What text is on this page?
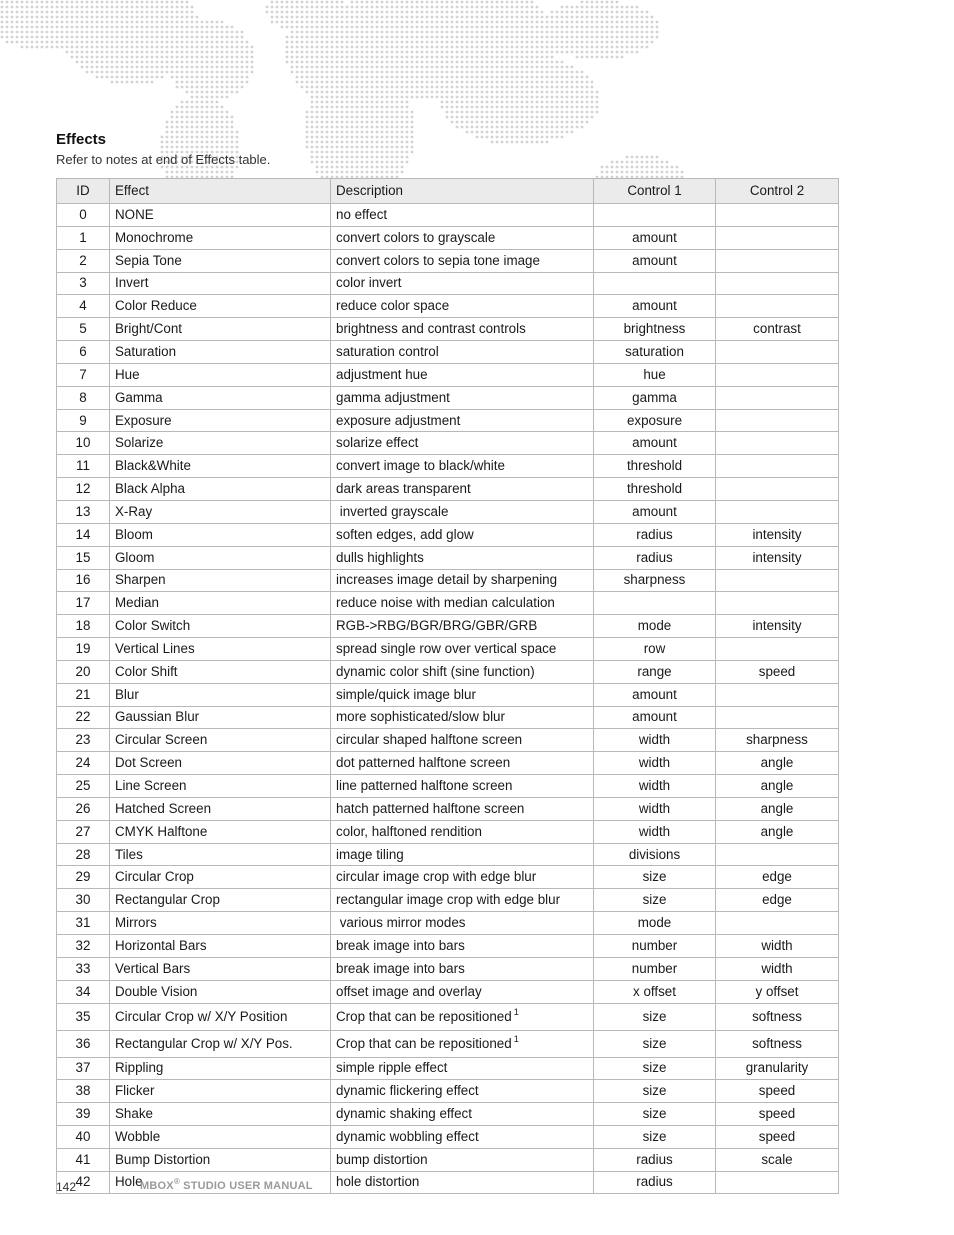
Effects
Refer to notes at end of Effects table.
ID	Effect	Description	Control 1	Control 2
0	NONE	no effect		
1	Monochrome	convert colors to grayscale	amount	
2	Sepia Tone	convert colors to sepia tone image	amount	
3	Invert	color invert		
4	Color Reduce	reduce color space	amount	
5	Bright/Cont	brightness and contrast controls	brightness	contrast
6	Saturation	saturation control	saturation	
7	Hue	adjustment hue	hue	
8	Gamma	gamma adjustment	gamma	
9	Exposure	exposure adjustment	exposure	
10	Solarize	solarize effect	amount	
11	Black&White	convert image to black/white	threshold	
12	Black Alpha	dark areas transparent	threshold	
13	X-Ray	inverted grayscale	amount	
14	Bloom	soften edges, add glow	radius	intensity
15	Gloom	dulls highlights	radius	intensity
16	Sharpen	increases image detail by sharpening	sharpness	
17	Median	reduce noise with median calculation		
18	Color Switch	RGB->RBG/BGR/BRG/GBR/GRB	mode	intensity
19	Vertical Lines	spread single row over vertical space	row	
20	Color Shift	dynamic color shift (sine function)	range	speed
21	Blur	simple/quick image blur	amount	
22	Gaussian Blur	more sophisticated/slow blur	amount	
23	Circular Screen	circular shaped halftone screen	width	sharpness
24	Dot Screen	dot patterned halftone screen	width	angle
25	Line Screen	line patterned halftone screen	width	angle
26	Hatched Screen	hatch patterned halftone screen	width	angle
27	CMYK Halftone	color, halftoned rendition	width	angle
28	Tiles	image tiling	divisions	
29	Circular Crop	circular image crop with edge blur	size	edge
30	Rectangular Crop	rectangular image crop with edge blur	size	edge
31	Mirrors	various mirror modes	mode	
32	Horizontal Bars	break image into bars	number	width
33	Vertical Bars	break image into bars	number	width
34	Double Vision	offset image and overlay	x offset	y offset
35	Circular Crop w/ X/Y Position	Crop that can be repositioned $^1$	size	softness
36	Rectangular Crop w/ X/Y Pos.	Crop that can be repositioned $^1$	size	softness
37	Rippling	simple ripple effect	size	granularity
38	Flicker	dynamic flickering effect	size	speed
39	Shake	dynamic shaking effect	size	speed
40	Wobble	dynamic wobbling effect	size	speed
41	Bump Distortion	bump distortion	radius	scale
42	Hole	hole distortion	radius	
142	MBOX® STUDIO USER MANUAL
